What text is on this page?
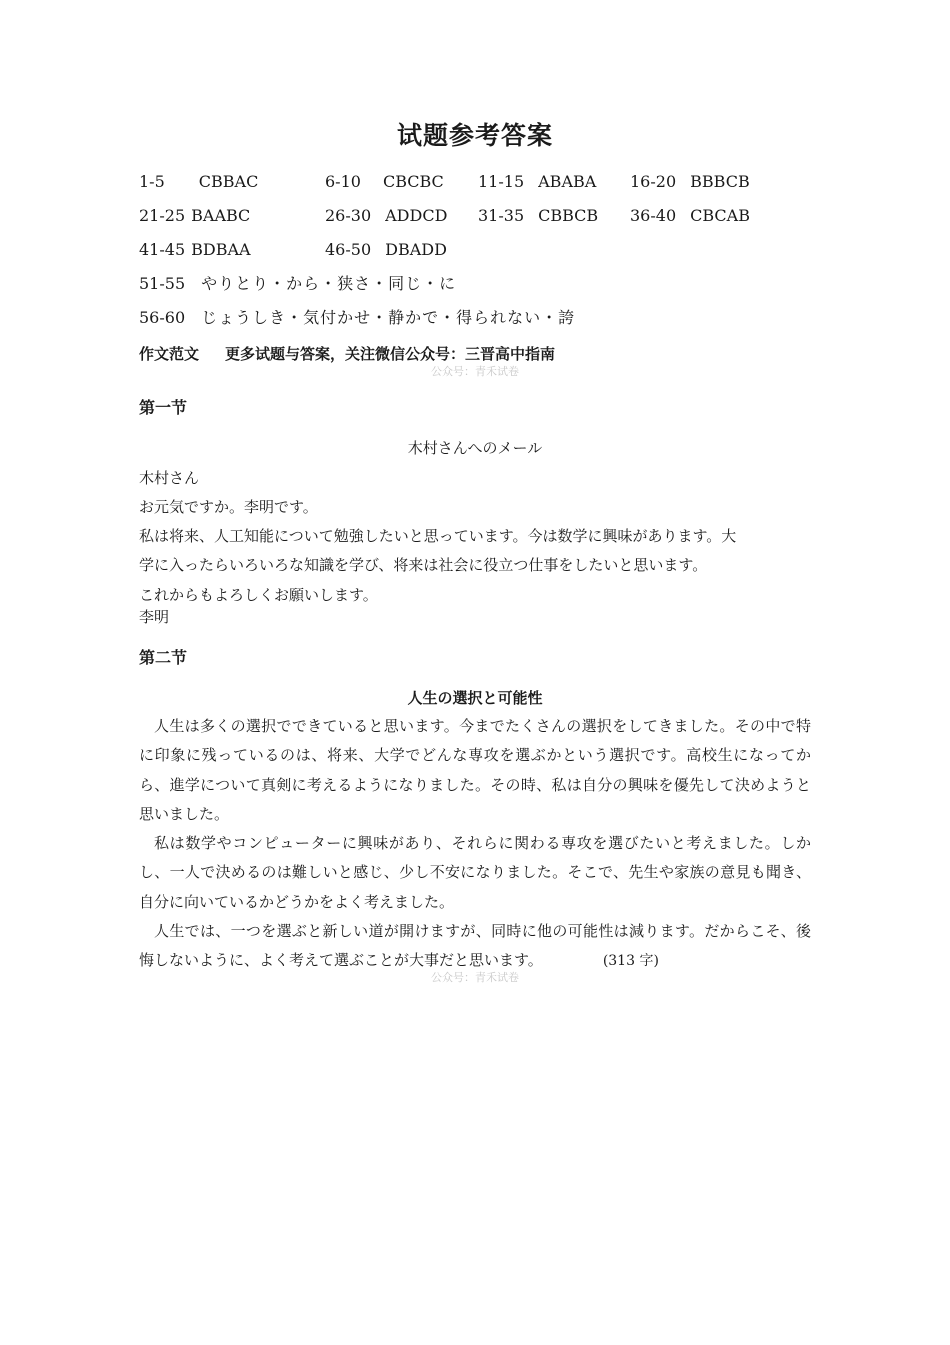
试题参考答案
1-5 CBBAC	6-10 CBCBC 11-15 ABABA 16-20 BBBCB
21-25 BAABC	26-30 ADDCD 31-35 CBBCB 36-40 CBCAB
41-45 BDBAA	46-50 DBADD
51-55 やりとり・から・狭さ・同じ・に
56-60 じょうしき・気付かせ・静かで・得られない・誇
作文范文 更多试题与答案，关注微信公众号：三晋高中指南
公众号：青禾试卷
第一节
木村さんへのメール

木村さん

お元気ですか。李明です。

私は将来、人工知能について勉強したいと思っています。今は数学に興味があります。大

学に入ったらいろいろな知識を学び、将来は社会に役立つ仕事をしたいと思います。

これからもよろしくお願いします。

李明

第二节
人生の選択と可能性

人生は多くの選択でできていると思います。今までたくさんの選択をしてきました。その中で特に印象に残っているのは、将来、大学でどんな専攻を選ぶかという選択です。高校生になってから、進学について真剣に考えるようになりました。その時、私は自分の興味を優先して決めようと思いました。

私は数学やコンピューターに興味があり、それらに関わる専攻を選びたいと考えました。しかし、一人で決めるのは難しいと感じ、少し不安になりました。そこで、先生や家族の意見も聞き、自分に向いているかどうかをよく考えました。

人生では、一つを選ぶと新しい道が開けますが、同時に他の可能性は減ります。だからこそ、後悔しないように、よく考えて選ぶことが大事だと思います。	(313 字)

公众号：青禾试卷
